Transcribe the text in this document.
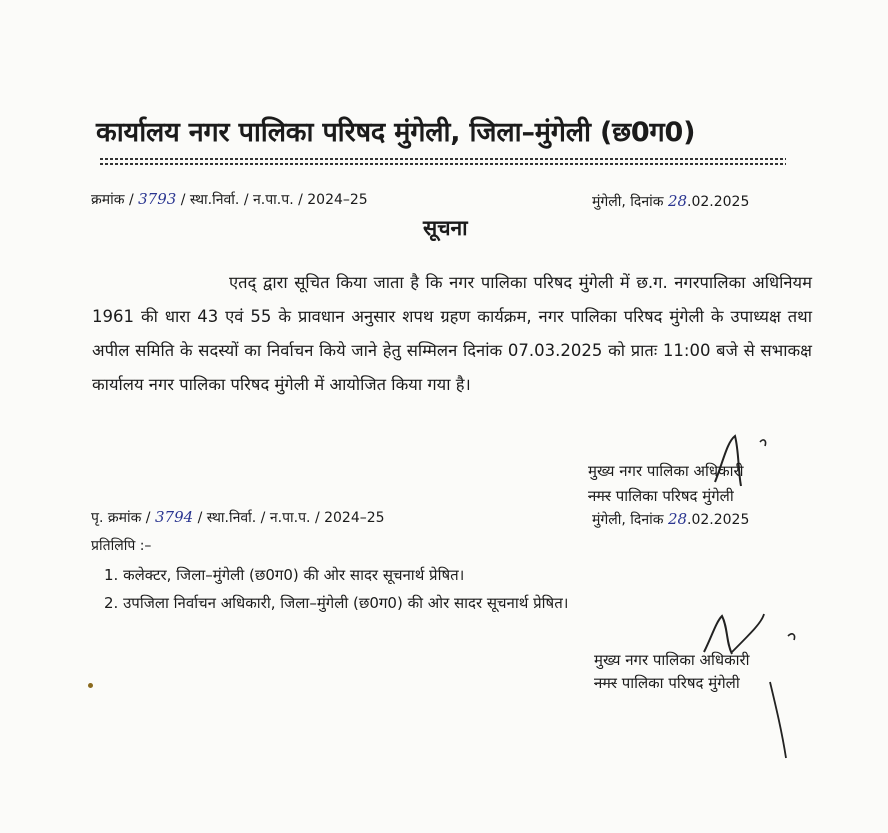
कार्यालय नगर पालिका परिषद मुंगेली, जिला–मुंगेली (छ0ग0)
क्रमांक / 3793 / स्था.निर्वा. / न.पा.प. / 2024–25	मुंगेली, दिनांक 28.02.2025
सूचना
एतद् द्वारा सूचित किया जाता है कि नगर पालिका परिषद मुंगेली में छ.ग. नगरपालिका अधिनियम 1961 की धारा 43 एवं 55 के प्रावधान अनुसार शपथ ग्रहण कार्यक्रम, नगर पालिका परिषद मुंगेली के उपाध्यक्ष तथा अपील समिति के सदस्यों का निर्वाचन किये जाने हेतु सम्मिलन दिनांक 07.03.2025 को प्रातः 11:00 बजे से सभाकक्ष कार्यालय नगर पालिका परिषद मुंगेली में आयोजित किया गया है।
मुख्य नगर पालिका अधिकारी
नगर पालिका परिषद मुंगेली
पृ. क्रमांक / 3794 / स्था.निर्वा. / न.पा.प. / 2024–25	मुंगेली, दिनांक 28.02.2025
प्रतिलिपि :–
1. कलेक्टर, जिला–मुंगेली (छ0ग0) की ओर सादर सूचनार्थ प्रेषित।
2. उपजिला निर्वाचन अधिकारी, जिला–मुंगेली (छ0ग0) की ओर सादर सूचनार्थ प्रेषित।
मुख्य नगर पालिका अधिकारी
नगर पालिका परिषद मुंगेली
